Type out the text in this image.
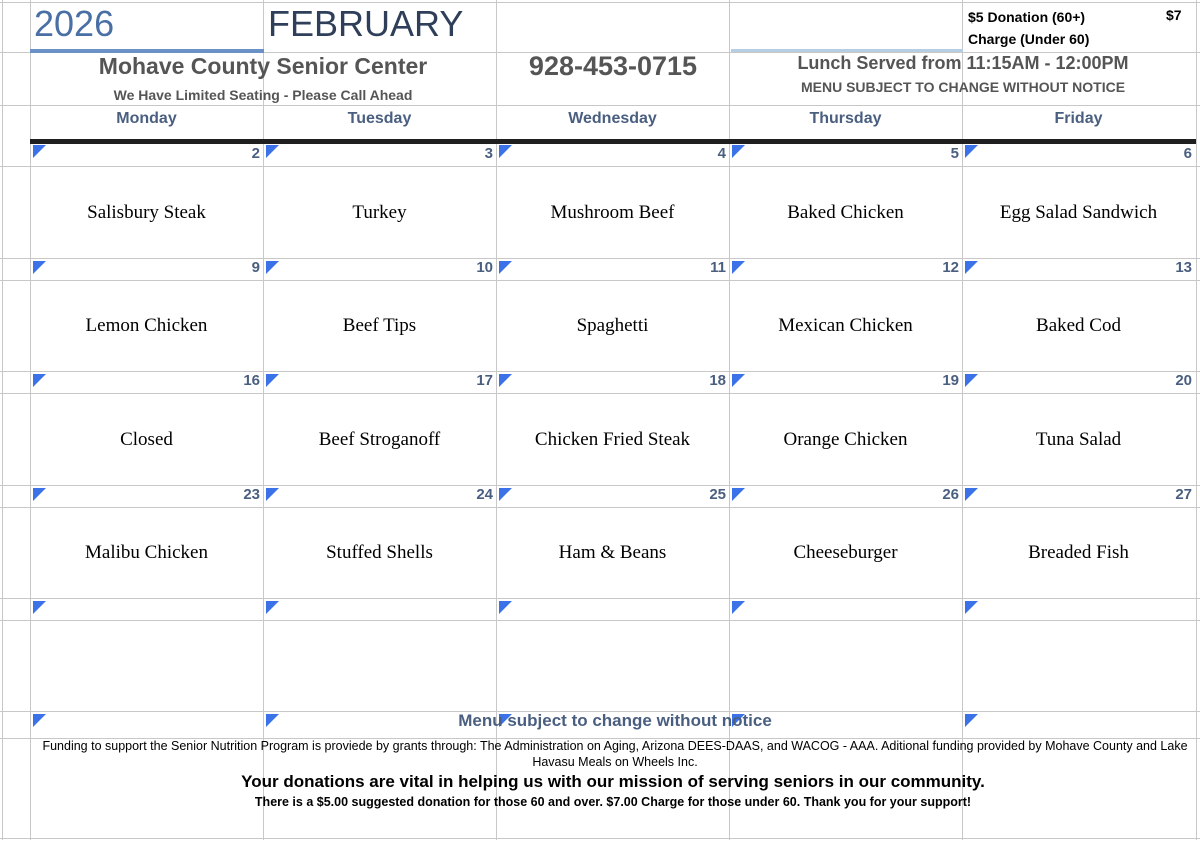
2026	FEBRUARY	$5 Donation (60+)
Charge (Under 60)
$7
Mohave County Senior Center
We Have Limited Seating - Please Call Ahead
928-453-0715	Lunch Served from 11:15AM - 12:00PM
MENU SUBJECT TO CHANGE WITHOUT NOTICE
Monday	Tuesday	Wednesday	Thursday	Friday
2	3	4	5	6
Salisbury Steak	Turkey	Mushroom Beef	Baked Chicken	Egg Salad Sandwich
9	10	11	12	13
Lemon Chicken	Beef Tips	Spaghetti	Mexican Chicken	Baked Cod
16	17	18	19	20
Closed	Beef Stroganoff	Chicken Fried Steak	Orange Chicken	Tuna Salad
23	24	25	26	27
Malibu Chicken	Stuffed Shells	Ham & Beans	Cheeseburger	Breaded Fish
Menu subject to change without notice
Funding to support the Senior Nutrition Program is proviede by grants through: The Administration on Aging, Arizona DEES-DAAS, and WACOG - AAA. Aditional funding provided by Mohave County and Lake Havasu Meals on Wheels Inc.
Your donations are vital in helping us with our mission of serving seniors in our community.
There is a $5.00 suggested donation for those 60 and over. $7.00 Charge for those under 60. Thank you for your support!
